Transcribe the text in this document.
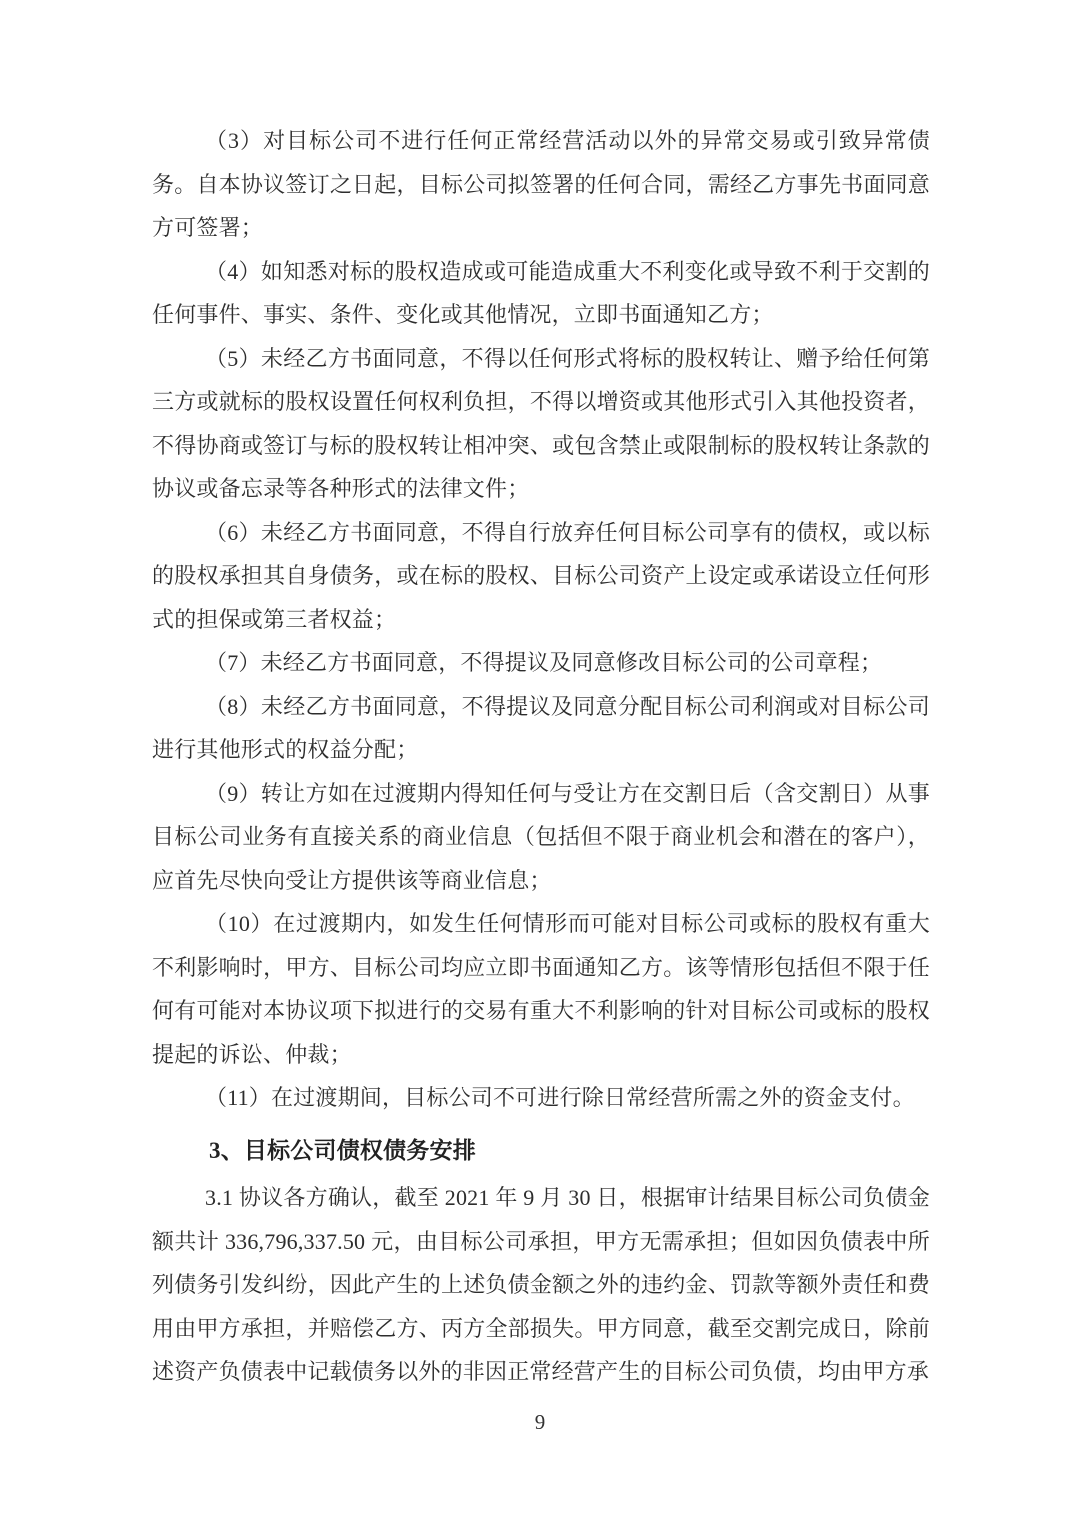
（3）对目标公司不进行任何正常经营活动以外的异常交易或引致异常债务。自本协议签订之日起，目标公司拟签署的任何合同，需经乙方事先书面同意方可签署；

（4）如知悉对标的股权造成或可能造成重大不利变化或导致不利于交割的任何事件、事实、条件、变化或其他情况，立即书面通知乙方；

（5）未经乙方书面同意，不得以任何形式将标的股权转让、赠予给任何第三方或就标的股权设置任何权利负担，不得以增资或其他形式引入其他投资者，不得协商或签订与标的股权转让相冲突、或包含禁止或限制标的股权转让条款的协议或备忘录等各种形式的法律文件；

（6）未经乙方书面同意，不得自行放弃任何目标公司享有的债权，或以标的股权承担其自身债务，或在标的股权、目标公司资产上设定或承诺设立任何形式的担保或第三者权益；

（7）未经乙方书面同意，不得提议及同意修改目标公司的公司章程；

（8）未经乙方书面同意，不得提议及同意分配目标公司利润或对目标公司进行其他形式的权益分配；

（9）转让方如在过渡期内得知任何与受让方在交割日后（含交割日）从事目标公司业务有直接关系的商业信息（包括但不限于商业机会和潜在的客户），应首先尽快向受让方提供该等商业信息；

（10）在过渡期内，如发生任何情形而可能对目标公司或标的股权有重大不利影响时，甲方、目标公司均应立即书面通知乙方。该等情形包括但不限于任何有可能对本协议项下拟进行的交易有重大不利影响的针对目标公司或标的股权提起的诉讼、仲裁；

（11）在过渡期间，目标公司不可进行除日常经营所需之外的资金支付。

3、目标公司债权债务安排

3.1 协议各方确认，截至 2021 年 9 月 30 日，根据审计结果目标公司负债金额共计 336,796,337.50 元，由目标公司承担，甲方无需承担；但如因负债表中所列债务引发纠纷，因此产生的上述负债金额之外的违约金、罚款等额外责任和费用由甲方承担，并赔偿乙方、丙方全部损失。甲方同意，截至交割完成日，除前述资产负债表中记载债务以外的非因正常经营产生的目标公司负债，均由甲方承

9
